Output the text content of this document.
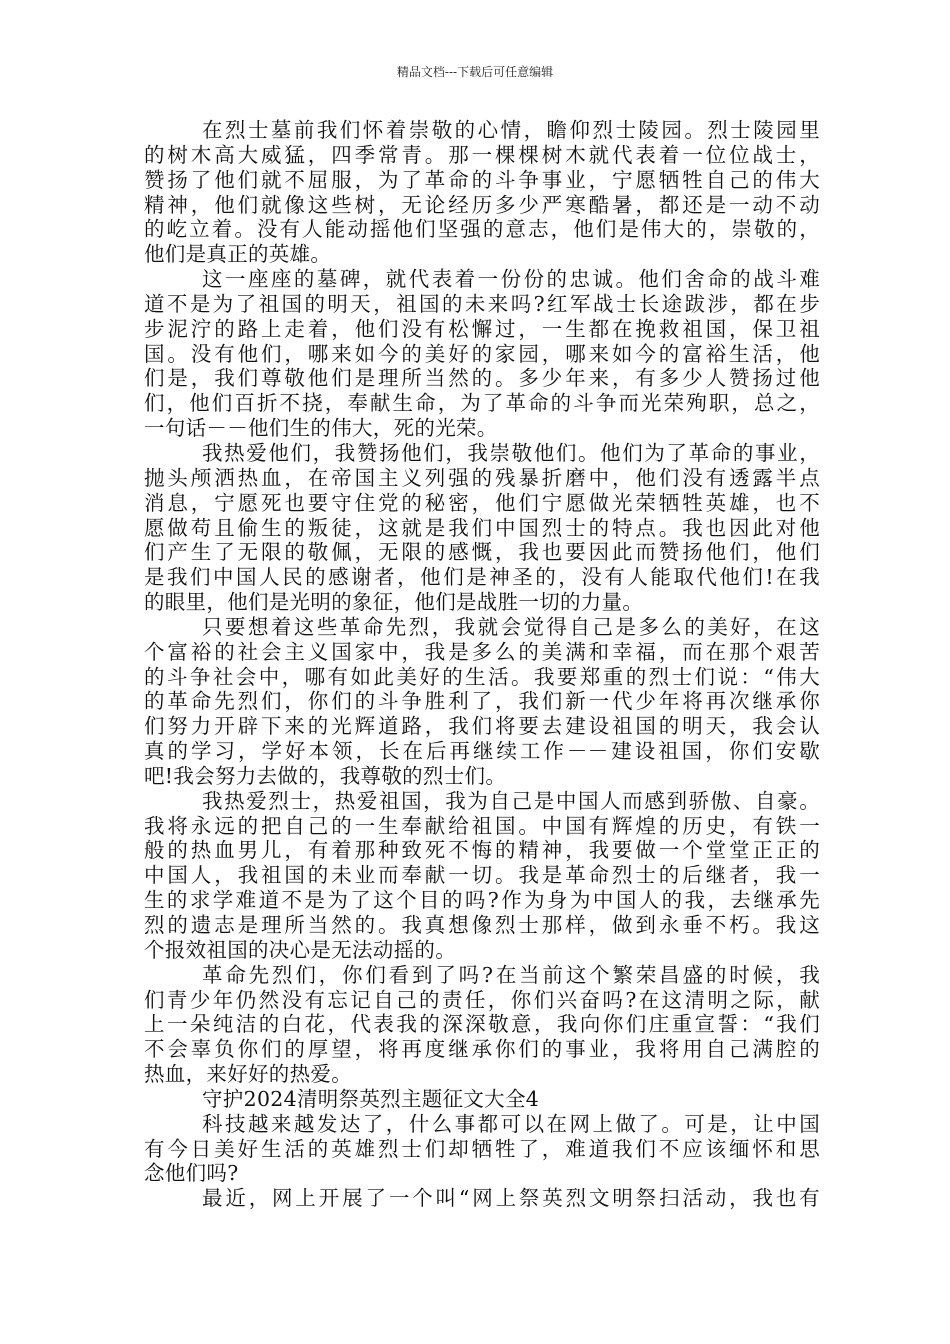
精品文档---下载后可任意编辑
在烈士墓前我们怀着崇敬的心情，瞻仰烈士陵园。烈士陵园里
的树木高大威猛，四季常青。那一棵棵树木就代表着一位位战士，
赞扬了他们就不屈服，为了革命的斗争事业，宁愿牺牲自己的伟大
精神，他们就像这些树，无论经历多少严寒酷暑，都还是一动不动
的屹立着。没有人能动摇他们坚强的意志，他们是伟大的，崇敬的，
他们是真正的英雄。
这一座座的墓碑，就代表着一份份的忠诚。他们舍命的战斗难
道不是为了祖国的明天，祖国的未来吗?红军战士长途跋涉，都在步
步泥泞的路上走着，他们没有松懈过，一生都在挽救祖国，保卫祖
国。没有他们，哪来如今的美好的家园，哪来如今的富裕生活，他
们是，我们尊敬他们是理所当然的。多少年来，有多少人赞扬过他
们，他们百折不挠，奉献生命，为了革命的斗争而光荣殉职，总之，
一句话－－他们生的伟大，死的光荣。
我热爱他们，我赞扬他们，我崇敬他们。他们为了革命的事业，
抛头颅洒热血，在帝国主义列强的残暴折磨中，他们没有透露半点
消息，宁愿死也要守住党的秘密，他们宁愿做光荣牺牲英雄，也不
愿做苟且偷生的叛徒，这就是我们中国烈士的特点。我也因此对他
们产生了无限的敬佩，无限的感慨，我也要因此而赞扬他们，他们
是我们中国人民的感谢者，他们是神圣的，没有人能取代他们!在我
的眼里，他们是光明的象征，他们是战胜一切的力量。
只要想着这些革命先烈，我就会觉得自己是多么的美好，在这
个富裕的社会主义国家中，我是多么的美满和幸福，而在那个艰苦
的斗争社会中，哪有如此美好的生活。我要郑重的烈士们说：“伟大
的革命先烈们，你们的斗争胜利了，我们新一代少年将再次继承你
们努力开辟下来的光辉道路，我们将要去建设祖国的明天，我会认
真的学习，学好本领，长在后再继续工作－－建设祖国，你们安歇
吧!我会努力去做的，我尊敬的烈士们。
我热爱烈士，热爱祖国，我为自己是中国人而感到骄傲、自豪。
我将永远的把自己的一生奉献给祖国。中国有辉煌的历史，有铁一
般的热血男儿，有着那种致死不悔的精神，我要做一个堂堂正正的
中国人，我祖国的未业而奉献一切。我是革命烈士的后继者，我一
生的求学难道不是为了这个目的吗?作为身为中国人的我，去继承先
烈的遗志是理所当然的。我真想像烈士那样，做到永垂不朽。我这
个报效祖国的决心是无法动摇的。
革命先烈们，你们看到了吗?在当前这个繁荣昌盛的时候，我
们青少年仍然没有忘记自己的责任，你们兴奋吗?在这清明之际，献
上一朵纯洁的白花，代表我的深深敬意，我向你们庄重宣誓：“我们
不会辜负你们的厚望，将再度继承你们的事业，我将用自己满腔的
热血，来好好的热爱。
守护2024清明祭英烈主题征文大全4
科技越来越发达了，什么事都可以在网上做了。可是，让中国
有今日美好生活的英雄烈士们却牺牲了，难道我们不应该缅怀和思
念他们吗?
最近，网上开展了一个叫“网上祭英烈文明祭扫活动，我也有
